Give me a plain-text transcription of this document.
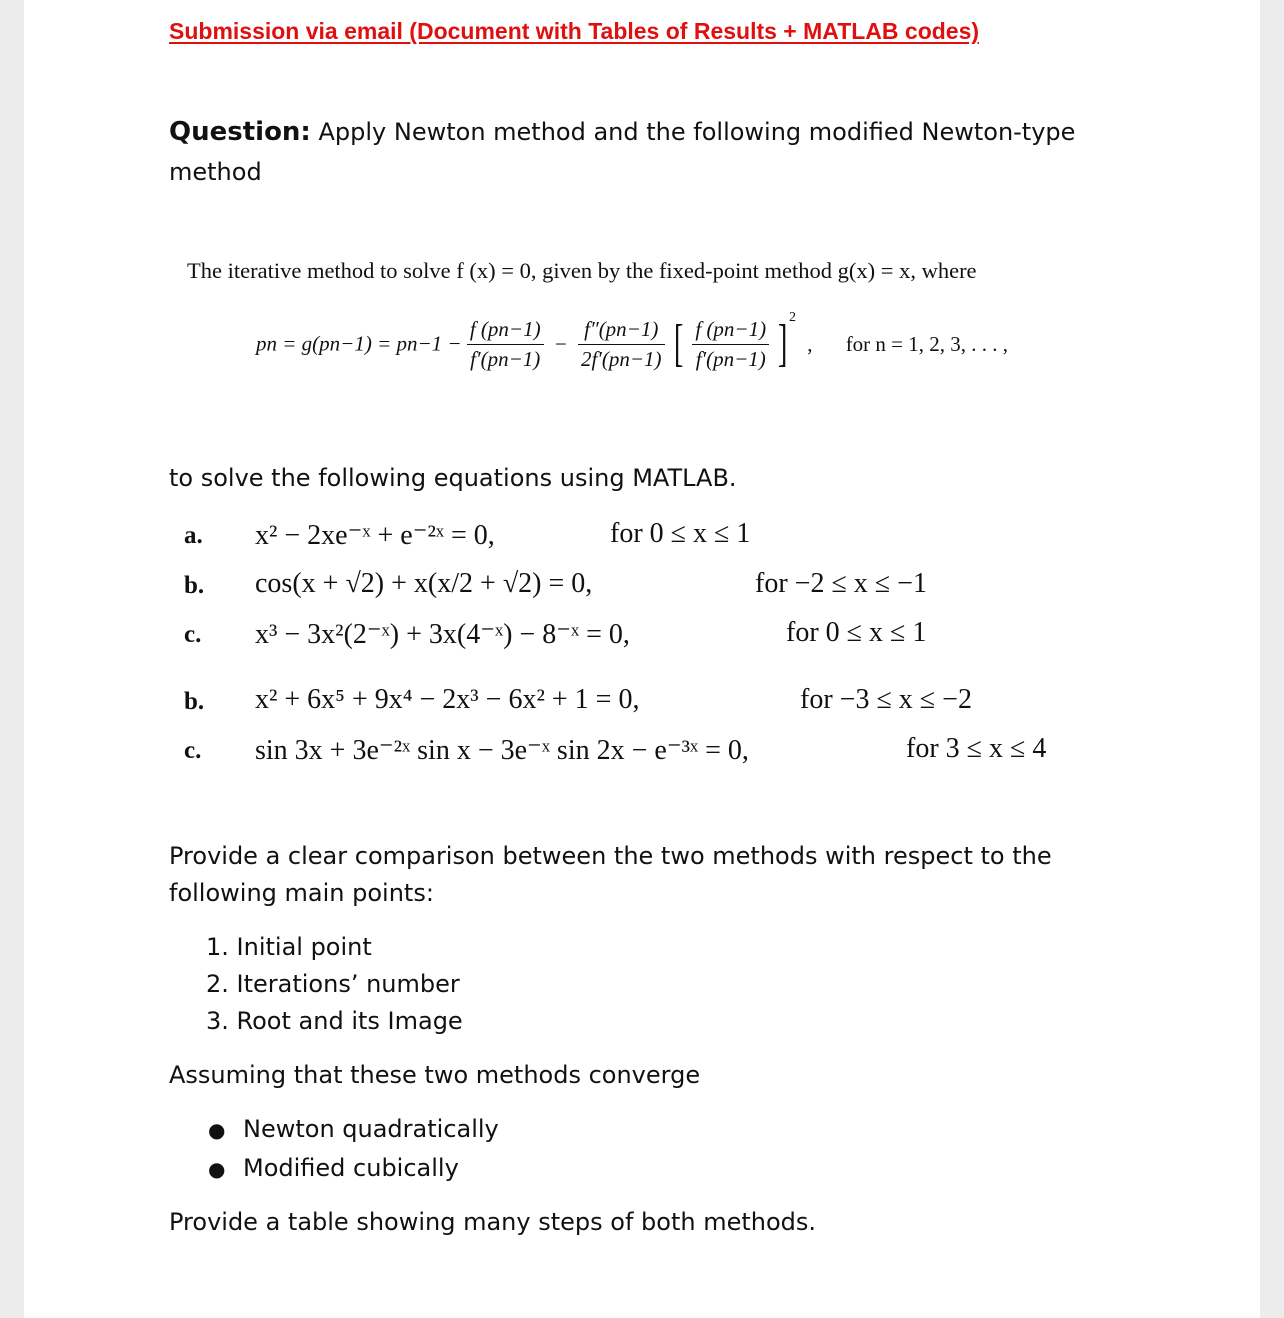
Submission via email (Document with Tables of Results + MATLAB codes)
Question: Apply Newton method and the following modified Newton-type
method
The iterative method to solve f (x) = 0, given by the fixed-point method g(x) = x, where
pn = $g(pn-1) = pn-1 - \frac{f (pn-1)}{f'(pn-1)} - \frac{f''(pn-1)}{2f'(pn-1)}$ [ $\frac{f (pn-1)}{f'(pn-1)}$ ] $^2$ , for n = 1, 2, 3, . . . ,
to solve the following equations using MATLAB.
a. x² − 2xe⁻ˣ + e⁻²ˣ = 0,	for 0 ≤ x ≤ 1
b. cos(x + √2) + x(x/2 + √2) = 0,	for −2 ≤ x ≤ −1
c. x³ − 3x²(2⁻ˣ) + 3x(4⁻ˣ) − 8⁻ˣ = 0,	for 0 ≤ x ≤ 1
b. x² + 6x⁵ + 9x⁴ − 2x³ − 6x² + 1 = 0,	for −3 ≤ x ≤ −2
c. sin 3x + 3e⁻²ˣ sin x − 3e⁻ˣ sin 2x − e⁻³ˣ = 0,	for 3 ≤ x ≤ 4
Provide a clear comparison between the two methods with respect to the
following main points:
1. Initial point
2. Iterations’ number
3. Root and its Image
Assuming that these two methods converge
● Newton quadratically
● Modified cubically
Provide a table showing many steps of both methods.
